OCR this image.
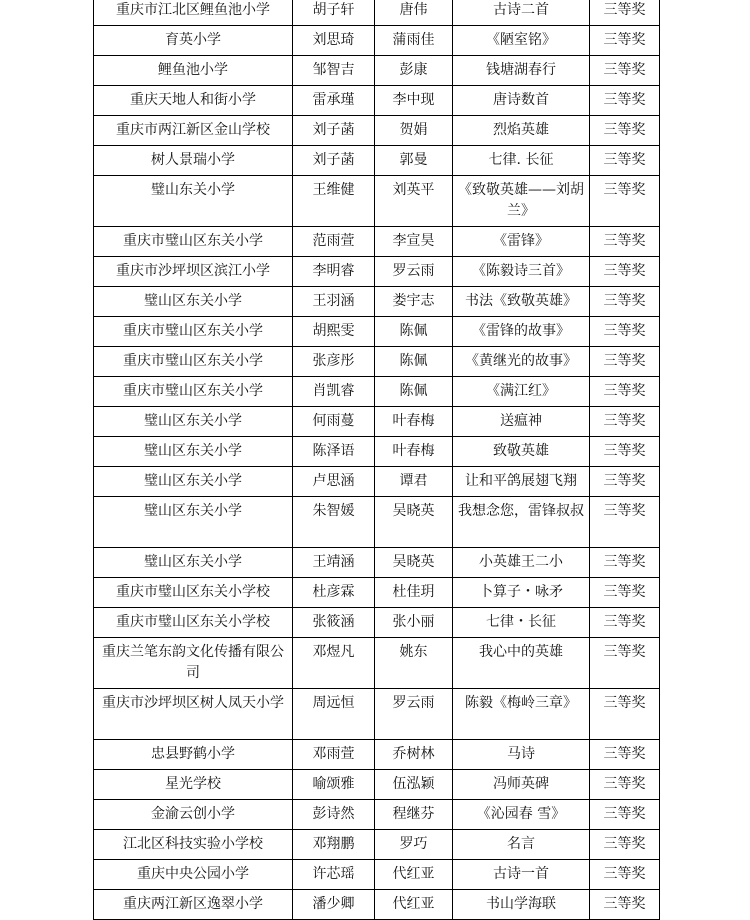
重庆市江北区鲤鱼池小学	胡子轩	唐伟	古诗二首	三等奖
育英小学	刘思琦	蒲雨佳	《陋室铭》	三等奖
鲤鱼池小学	邹智吉	彭康	钱塘湖春行	三等奖
重庆天地人和街小学	雷承瑾	李中现	唐诗数首	三等奖
重庆市两江新区金山学校	刘子菡	贺娟	烈焰英雄	三等奖
树人景瑞小学	刘子菡	郭曼	七律. 长征	三等奖
璧山东关小学	王维健	刘英平	《致敬英雄——刘胡兰》	三等奖
重庆市璧山区东关小学	范雨萱	李宣昊	《雷锋》	三等奖
重庆市沙坪坝区滨江小学	李明睿	罗云雨	《陈毅诗三首》	三等奖
璧山区东关小学	王羽涵	娄宇志	书法《致敬英雄》	三等奖
重庆市璧山区东关小学	胡熙雯	陈佩	《雷锋的故事》	三等奖
重庆市璧山区东关小学	张彦彤	陈佩	《黄继光的故事》	三等奖
重庆市璧山区东关小学	肖凯睿	陈佩	《满江红》	三等奖
璧山区东关小学	何雨蔓	叶春梅	送瘟神	三等奖
璧山区东关小学	陈泽语	叶春梅	致敬英雄	三等奖
璧山区东关小学	卢思涵	谭君	让和平鸽展翅飞翔	三等奖
璧山区东关小学	朱智媛	吴晓英	我想念您，雷锋叔叔	三等奖
璧山区东关小学	王靖涵	吴晓英	小英雄王二小	三等奖
重庆市璧山区东关小学校	杜彦霖	杜佳玥	卜算子・咏矛	三等奖
重庆市璧山区东关小学校	张筱涵	张小丽	七律・长征	三等奖
重庆兰笔东韵文化传播有限公司	邓煜凡	姚东	我心中的英雄	三等奖
重庆市沙坪坝区树人凤天小学	周远恒	罗云雨	陈毅《梅岭三章》	三等奖
忠县野鹤小学	邓雨萱	乔树林	马诗	三等奖
星光学校	喻颂雅	伍泓颖	冯师英碑	三等奖
金渝云创小学	彭诗然	程继芬	《沁园春 雪》	三等奖
江北区科技实验小学校	邓翔鹏	罗巧	名言	三等奖
重庆中央公园小学	许芯瑶	代红亚	古诗一首	三等奖
重庆两江新区逸翠小学	潘少卿	代红亚	书山学海联	三等奖
